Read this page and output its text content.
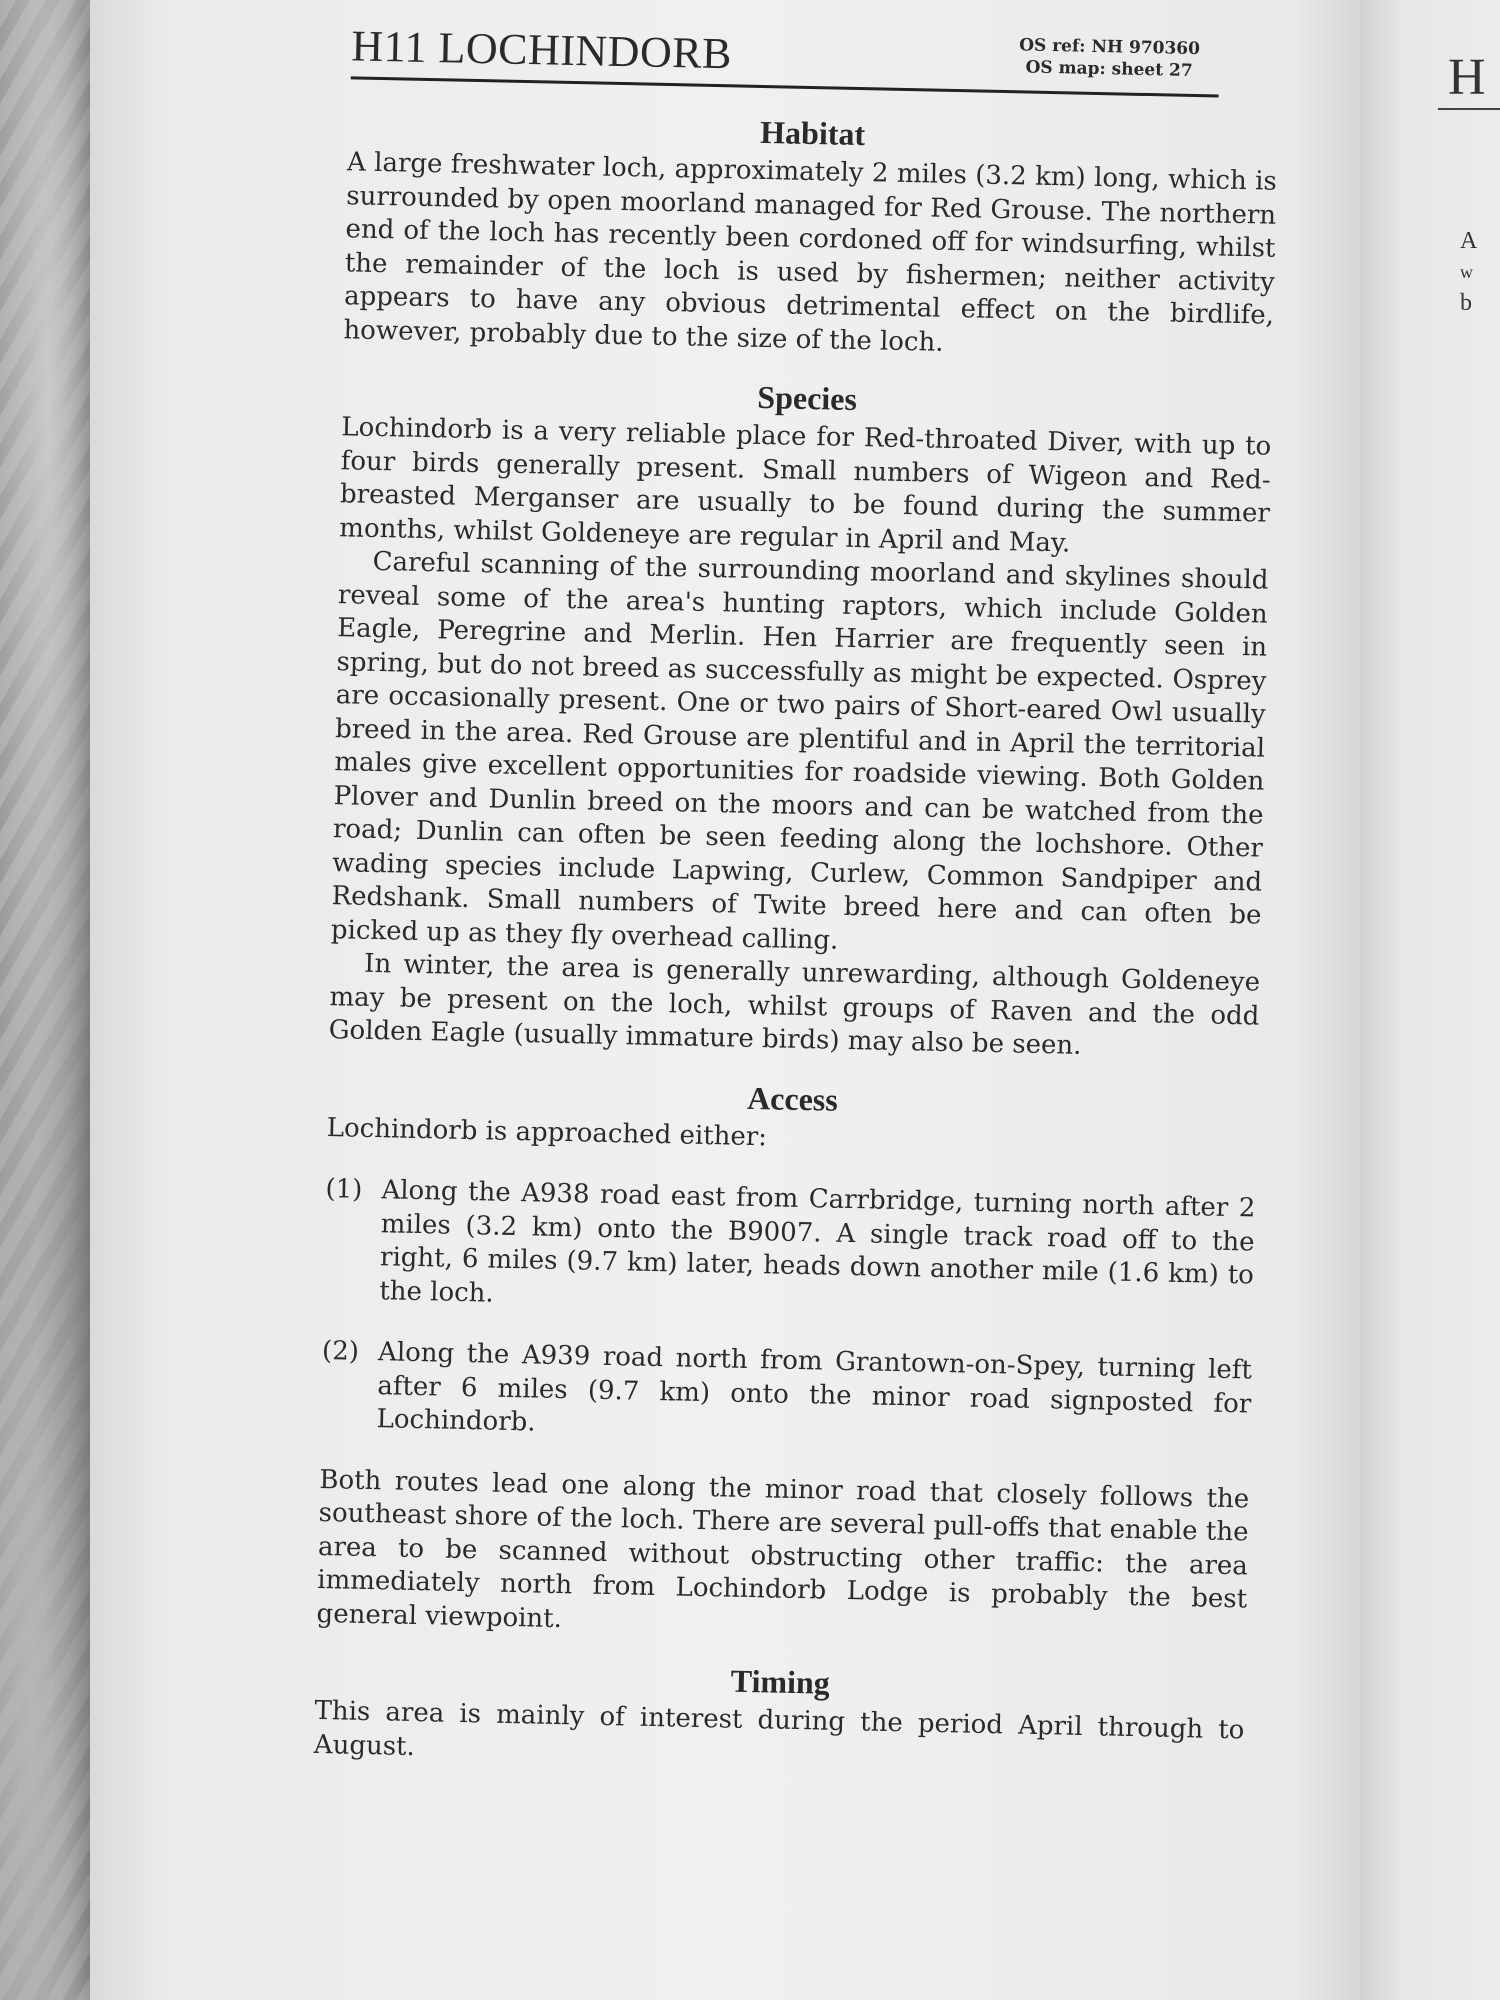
H11 LOCHINDORB	OS ref: NH 970360
OS map: sheet 27
Habitat

A large freshwater loch, approximately 2 miles (3.2 km) long, which is surrounded by open moorland managed for Red Grouse. The northern end of the loch has recently been cordoned off for windsurfing, whilst the remainder of the loch is used by fishermen; neither activity appears to have any obvious detrimental effect on the birdlife, however, probably due to the size of the loch.

Species

Lochindorb is a very reliable place for Red-throated Diver, with up to four birds generally present. Small numbers of Wigeon and Red-breasted Merganser are usually to be found during the summer months, whilst Goldeneye are regular in April and May.

Careful scanning of the surrounding moorland and skylines should reveal some of the area's hunting raptors, which include Golden Eagle, Peregrine and Merlin. Hen Harrier are frequently seen in spring, but do not breed as successfully as might be expected. Osprey are occasionally present. One or two pairs of Short-eared Owl usually breed in the area. Red Grouse are plentiful and in April the territorial males give excellent opportunities for roadside viewing. Both Golden Plover and Dunlin breed on the moors and can be watched from the road; Dunlin can often be seen feeding along the lochshore. Other wading species include Lapwing, Curlew, Common Sandpiper and Redshank. Small numbers of Twite breed here and can often be picked up as they fly overhead calling.

In winter, the area is generally unrewarding, although Goldeneye may be present on the loch, whilst groups of Raven and the odd Golden Eagle (usually immature birds) may also be seen.

Access

Lochindorb is approached either:

(1) Along the A938 road east from Carrbridge, turning north after 2 miles (3.2 km) onto the B9007. A single track road off to the right, 6 miles (9.7 km) later, heads down another mile (1.6 km) to the loch.
(2) Along the A939 road north from Grantown-on-Spey, turning left after 6 miles (9.7 km) onto the minor road signposted for Lochindorb.

Both routes lead one along the minor road that closely follows the southeast shore of the loch. There are several pull-offs that enable the area to be scanned without obstructing other traffic: the area immediately north from Lochindorb Lodge is probably the best general viewpoint.

Timing

This area is mainly of interest during the period April through to August.

H
A
w
b
